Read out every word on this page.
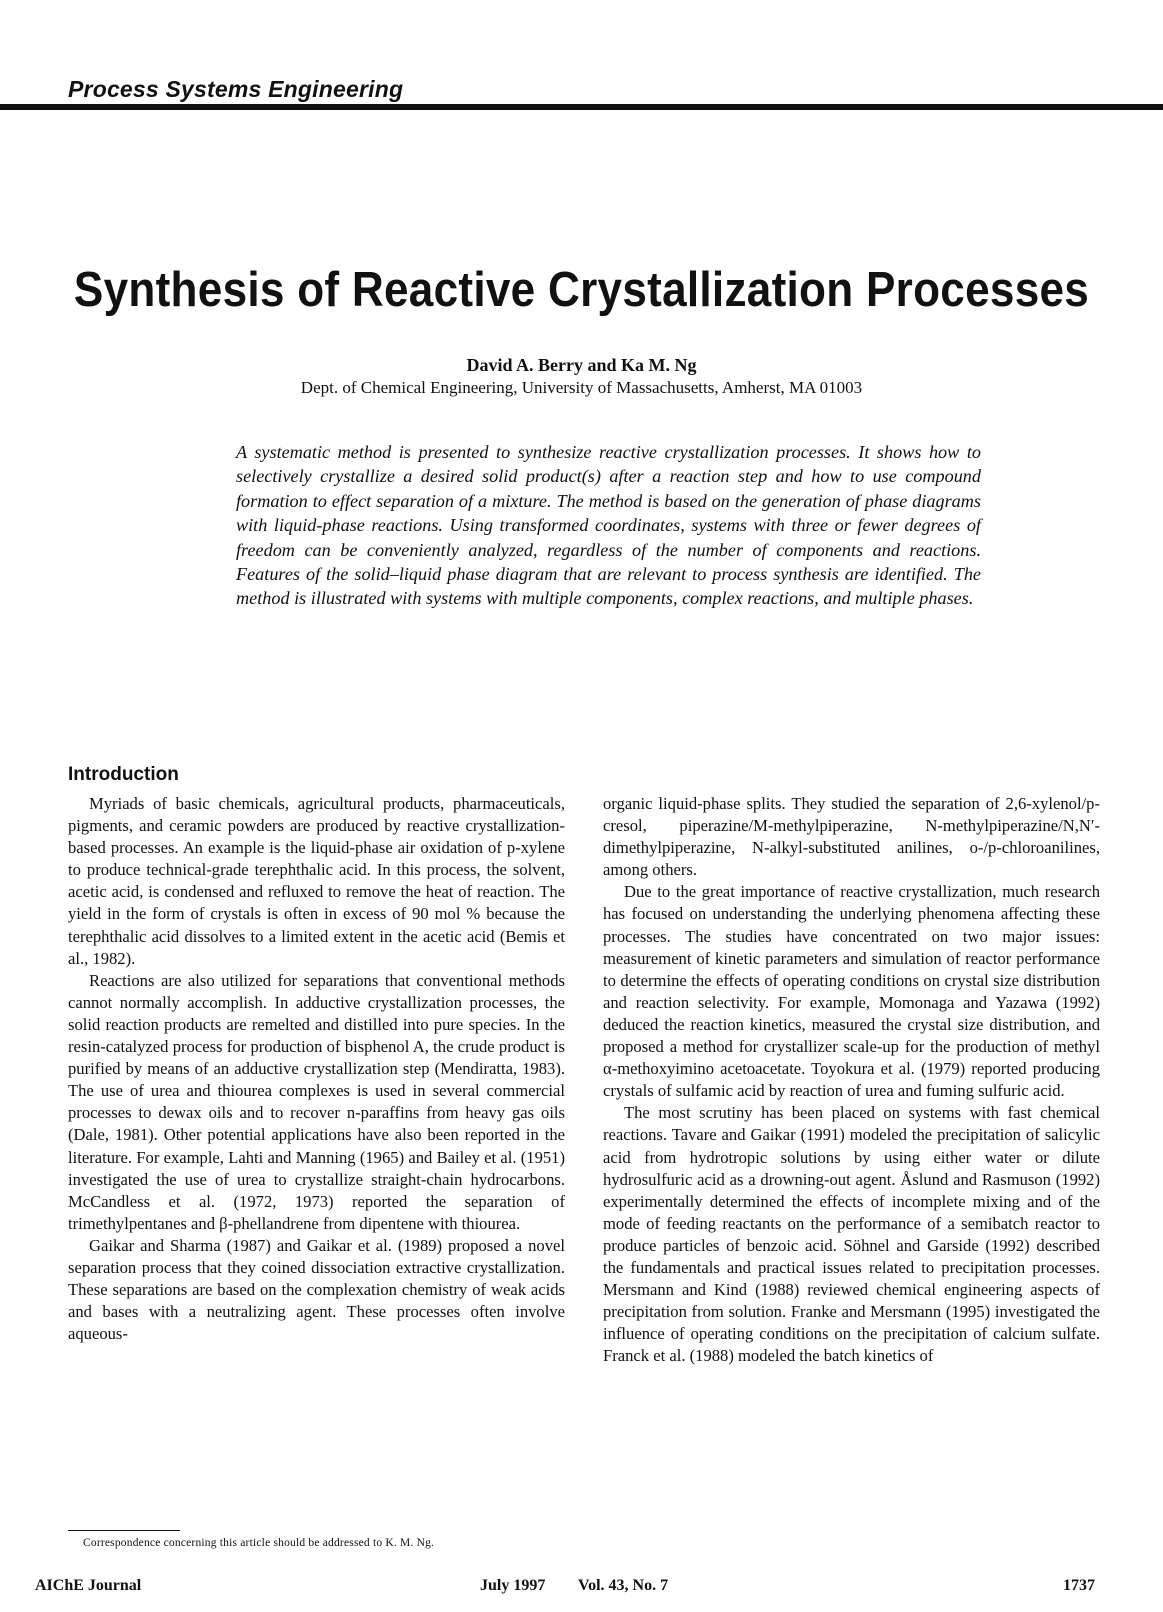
Process Systems Engineering
Synthesis of Reactive Crystallization Processes
David A. Berry and Ka M. Ng
Dept. of Chemical Engineering, University of Massachusetts, Amherst, MA 01003
A systematic method is presented to synthesize reactive crystallization processes. It shows how to selectively crystallize a desired solid product(s) after a reaction step and how to use compound formation to effect separation of a mixture. The method is based on the generation of phase diagrams with liquid-phase reactions. Using transformed coordinates, systems with three or fewer degrees of freedom can be conveniently analyzed, regardless of the number of components and reactions. Features of the solid–liquid phase diagram that are relevant to process synthesis are identified. The method is illustrated with systems with multiple components, complex reactions, and multiple phases.
Introduction

Myriads of basic chemicals, agricultural products, pharmaceuticals, pigments, and ceramic powders are produced by reactive crystallization-based processes. An example is the liquid-phase air oxidation of p-xylene to produce technical-grade terephthalic acid. In this process, the solvent, acetic acid, is condensed and refluxed to remove the heat of reaction. The yield in the form of crystals is often in excess of 90 mol % because the terephthalic acid dissolves to a limited extent in the acetic acid (Bemis et al., 1982).

Reactions are also utilized for separations that conventional methods cannot normally accomplish. In adductive crystallization processes, the solid reaction products are remelted and distilled into pure species. In the resin-catalyzed process for production of bisphenol A, the crude product is purified by means of an adductive crystallization step (Mendiratta, 1983). The use of urea and thiourea complexes is used in several commercial processes to dewax oils and to recover n-paraffins from heavy gas oils (Dale, 1981). Other potential applications have also been reported in the literature. For example, Lahti and Manning (1965) and Bailey et al. (1951) investigated the use of urea to crystallize straight-chain hydrocarbons. McCandless et al. (1972, 1973) reported the separation of trimethylpentanes and β-phellandrene from dipentene with thiourea.

Gaikar and Sharma (1987) and Gaikar et al. (1989) proposed a novel separation process that they coined dissociation extractive crystallization. These separations are based on the complexation chemistry of weak acids and bases with a neutralizing agent. These processes often involve aqueous-

organic liquid-phase splits. They studied the separation of 2,6-xylenol/p-cresol, piperazine/M-methylpiperazine, N-methylpiperazine/N,N′-dimethylpiperazine, N-alkyl-substituted anilines, o-/p-chloroanilines, among others.

Due to the great importance of reactive crystallization, much research has focused on understanding the underlying phenomena affecting these processes. The studies have concentrated on two major issues: measurement of kinetic parameters and simulation of reactor performance to determine the effects of operating conditions on crystal size distribution and reaction selectivity. For example, Momonaga and Yazawa (1992) deduced the reaction kinetics, measured the crystal size distribution, and proposed a method for crystallizer scale-up for the production of methyl α-methoxyimino acetoacetate. Toyokura et al. (1979) reported producing crystals of sulfamic acid by reaction of urea and fuming sulfuric acid.

The most scrutiny has been placed on systems with fast chemical reactions. Tavare and Gaikar (1991) modeled the precipitation of salicylic acid from hydrotropic solutions by using either water or dilute hydrosulfuric acid as a drowning-out agent. Åslund and Rasmuson (1992) experimentally determined the effects of incomplete mixing and of the mode of feeding reactants on the performance of a semibatch reactor to produce particles of benzoic acid. Söhnel and Garside (1992) described the fundamentals and practical issues related to precipitation processes. Mersmann and Kind (1988) reviewed chemical engineering aspects of precipitation from solution. Franke and Mersmann (1995) investigated the influence of operating conditions on the precipitation of calcium sulfate. Franck et al. (1988) modeled the batch kinetics of

Correspondence concerning this article should be addressed to K. M. Ng.
AIChE Journal	July 1997 Vol. 43, No. 7	1737
